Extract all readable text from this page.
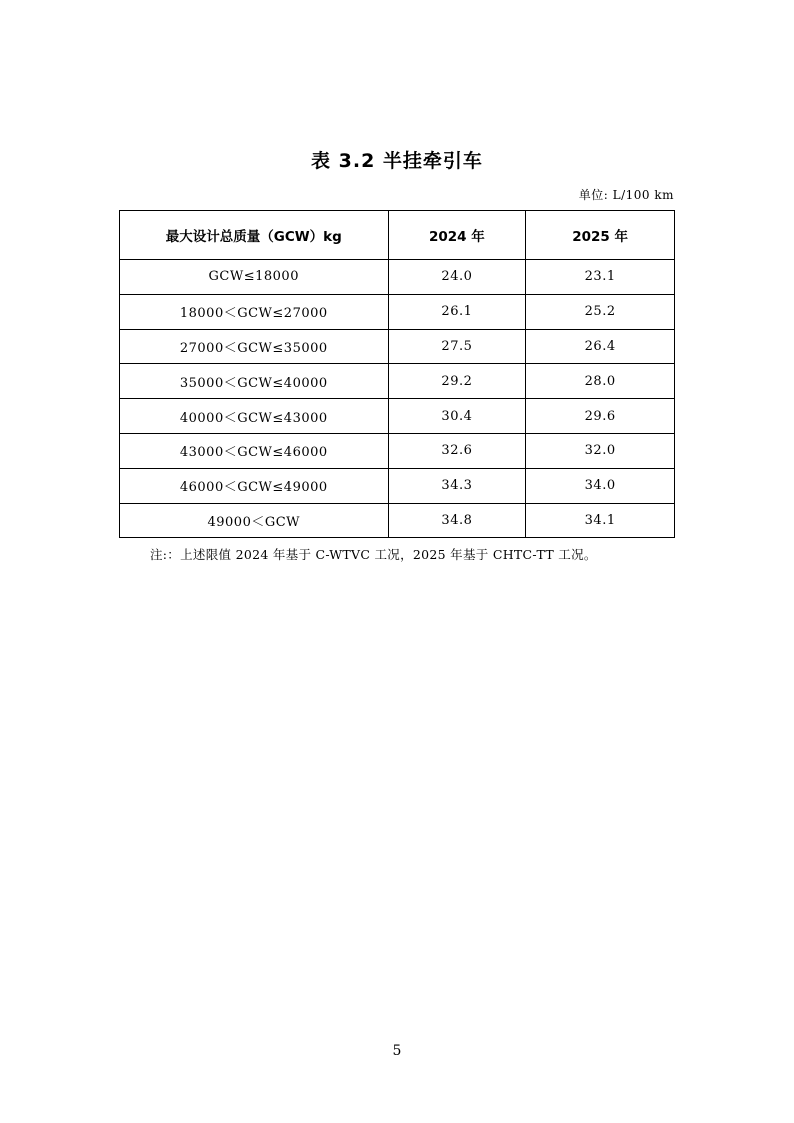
表 3.2 半挂牵引车
单位: L/100 km
最大设计总质量（GCW）kg	2024 年	2025 年
GCW≤18000	24.0	23.1
18000＜GCW≤27000	26.1	25.2
27000＜GCW≤35000	27.5	26.4
35000＜GCW≤40000	29.2	28.0
40000＜GCW≤43000	30.4	29.6
43000＜GCW≤46000	32.6	32.0
46000＜GCW≤49000	34.3	34.0
49000＜GCW	34.8	34.1
注:：上述限值 2024 年基于 C-WTVC 工况，2025 年基于 CHTC-TT 工况。
5
